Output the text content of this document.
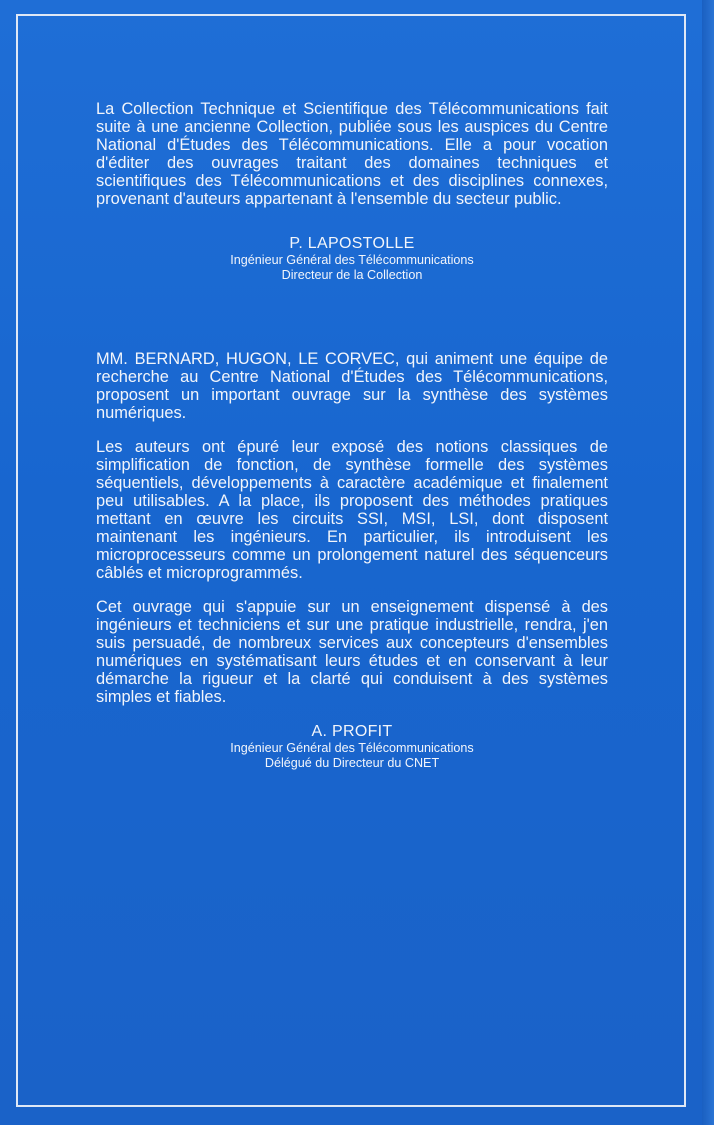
La Collection Technique et Scientifique des Télécommunications fait suite à une ancienne Collection, publiée sous les auspices du Centre National d'Études des Télécommunications. Elle a pour vocation d'éditer des ouvrages traitant des domaines techniques et scientifiques des Télécommunications et des disciplines connexes, provenant d'auteurs appartenant à l'ensemble du secteur public.

P. LAPOSTOLLE
Ingénieur Général des Télécommunications
Directeur de la Collection

MM. BERNARD, HUGON, LE CORVEC, qui animent une équipe de recherche au Centre National d'Études des Télécommunications, proposent un important ouvrage sur la synthèse des systèmes numériques.

Les auteurs ont épuré leur exposé des notions classiques de simplification de fonction, de synthèse formelle des systèmes séquentiels, développements à caractère académique et finalement peu utilisables. A la place, ils proposent des méthodes pratiques mettant en œuvre les circuits SSI, MSI, LSI, dont disposent maintenant les ingénieurs. En particulier, ils introduisent les microprocesseurs comme un prolongement naturel des séquenceurs câblés et microprogrammés.

Cet ouvrage qui s'appuie sur un enseignement dispensé à des ingénieurs et techniciens et sur une pratique industrielle, rendra, j'en suis persuadé, de nombreux services aux concepteurs d'ensembles numériques en systématisant leurs études et en conservant à leur démarche la rigueur et la clarté qui conduisent à des systèmes simples et fiables.

A. PROFIT
Ingénieur Général des Télécommunications
Délégué du Directeur du CNET
